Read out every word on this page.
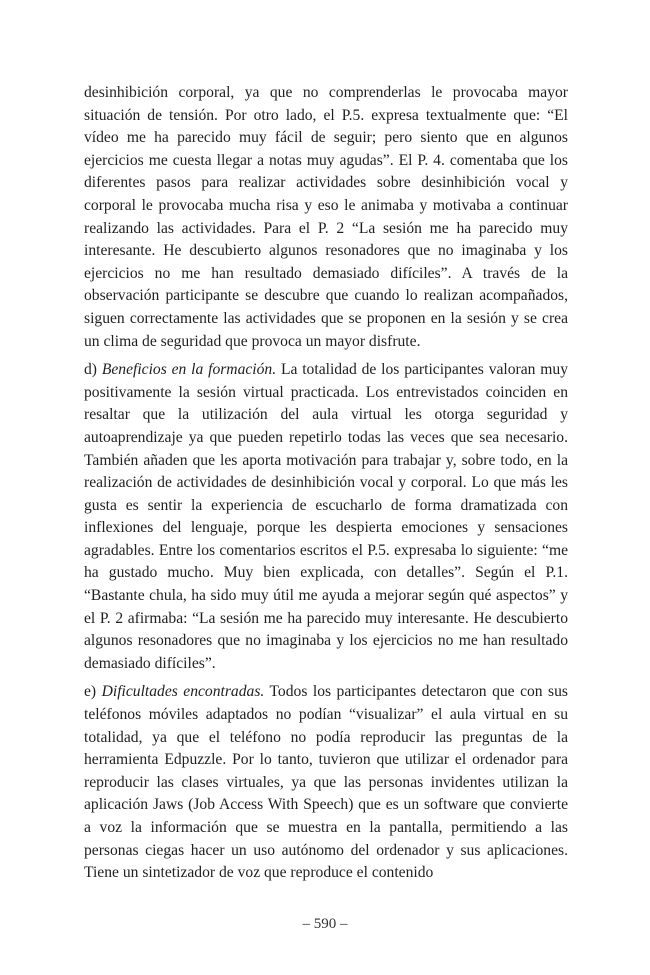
desinhibición corporal, ya que no comprenderlas le provocaba mayor situación de tensión. Por otro lado, el P.5. expresa textualmente que: “El vídeo me ha parecido muy fácil de seguir; pero siento que en algunos ejercicios me cuesta llegar a notas muy agudas”. El P. 4. comentaba que los diferentes pasos para realizar actividades sobre desinhibición vocal y corporal le provocaba mucha risa y eso le animaba y motivaba a continuar realizando las actividades. Para el P. 2 “La sesión me ha parecido muy interesante. He descubierto algunos resonadores que no imaginaba y los ejercicios no me han resultado demasiado difíciles”. A través de la observación participante se descubre que cuando lo realizan acompañados, siguen correctamente las actividades que se proponen en la sesión y se crea un clima de seguridad que provoca un mayor disfrute.

d) Beneficios en la formación. La totalidad de los participantes valoran muy positivamente la sesión virtual practicada. Los entrevistados coinciden en resaltar que la utilización del aula virtual les otorga seguridad y autoaprendizaje ya que pueden repetirlo todas las veces que sea necesario. También añaden que les aporta motivación para trabajar y, sobre todo, en la realización de actividades de desinhibición vocal y corporal. Lo que más les gusta es sentir la experiencia de escucharlo de forma dramatizada con inflexiones del lenguaje, porque les despierta emociones y sensaciones agradables. Entre los comentarios escritos el P.5. expresaba lo siguiente: “me ha gustado mucho. Muy bien explicada, con detalles”. Según el P.1. “Bastante chula, ha sido muy útil me ayuda a mejorar según qué aspectos” y el P. 2 afirmaba: “La sesión me ha parecido muy interesante. He descubierto algunos resonadores que no imaginaba y los ejercicios no me han resultado demasiado difíciles”.

e) Dificultades encontradas. Todos los participantes detectaron que con sus teléfonos móviles adaptados no podían “visualizar” el aula virtual en su totalidad, ya que el teléfono no podía reproducir las preguntas de la herramienta Edpuzzle. Por lo tanto, tuvieron que utilizar el ordenador para reproducir las clases virtuales, ya que las personas invidentes utilizan la aplicación Jaws (Job Access With Speech) que es un software que convierte a voz la información que se muestra en la pantalla, permitiendo a las personas ciegas hacer un uso autónomo del ordenador y sus aplicaciones. Tiene un sintetizador de voz que reproduce el contenido

– 590 –
